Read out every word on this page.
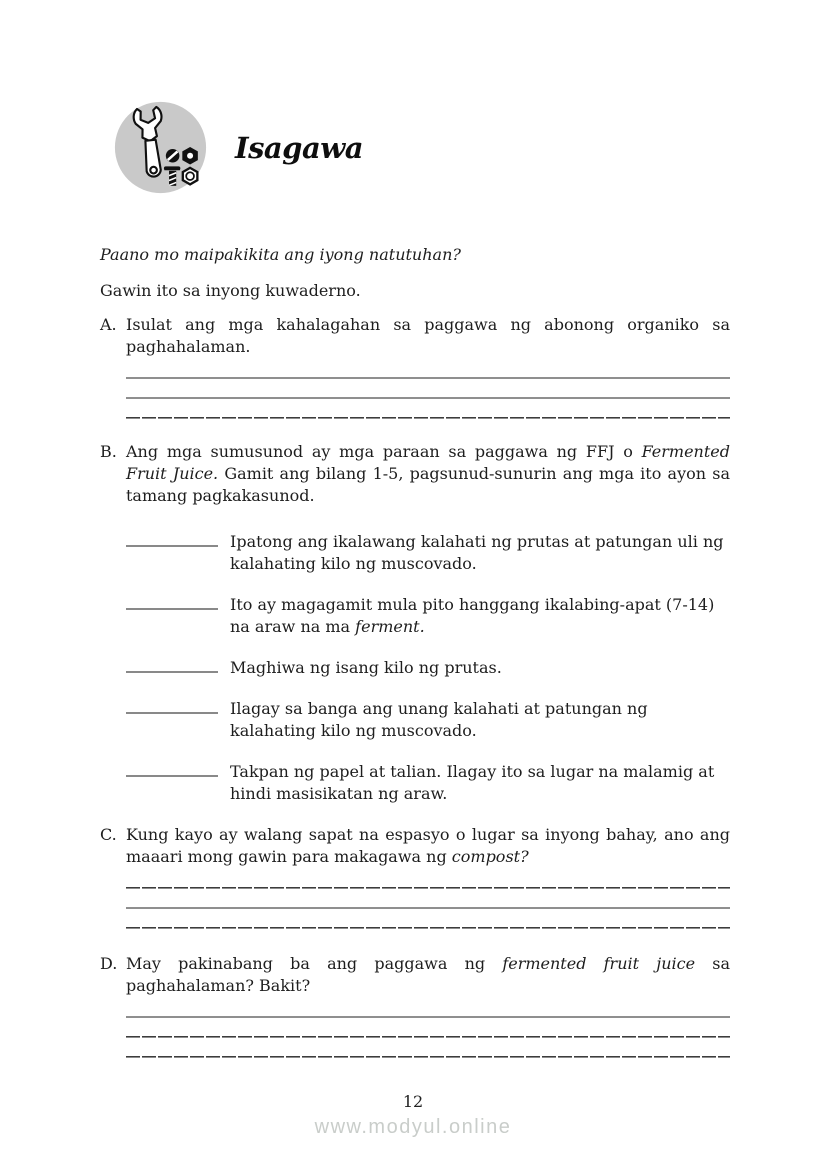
Isagawa

Paano mo maipakikita ang iyong natutuhan?

Gawin ito sa inyong kuwaderno.

A. Isulat ang mga kahalagahan sa paggawa ng abonong organiko sa paghahalaman.
B. Ang mga sumusunod ay mga paraan sa paggawa ng FFJ o Fermented Fruit Juice. Gamit ang bilang 1-5, pagsunud-sunurin ang mga ito ayon sa tamang pagkakasunod.
Ipatong ang ikalawang kalahati ng prutas at patungan uli ng kalahating kilo ng muscovado.
Ito ay magagamit mula pito hanggang ikalabing-apat (7-14) na araw na ma ferment.
Maghiwa ng isang kilo ng prutas.
Ilagay sa banga ang unang kalahati at patungan ng kalahating kilo ng muscovado.
Takpan ng papel at talian. Ilagay ito sa lugar na malamig at hindi masisikatan ng araw.
C. Kung kayo ay walang sapat na espasyo o lugar sa inyong bahay, ano ang maaari mong gawin para makagawa ng compost?
D. May pakinabang ba ang paggawa ng fermented fruit juice sa paghahalaman? Bakit?
12
www.modyul.online
